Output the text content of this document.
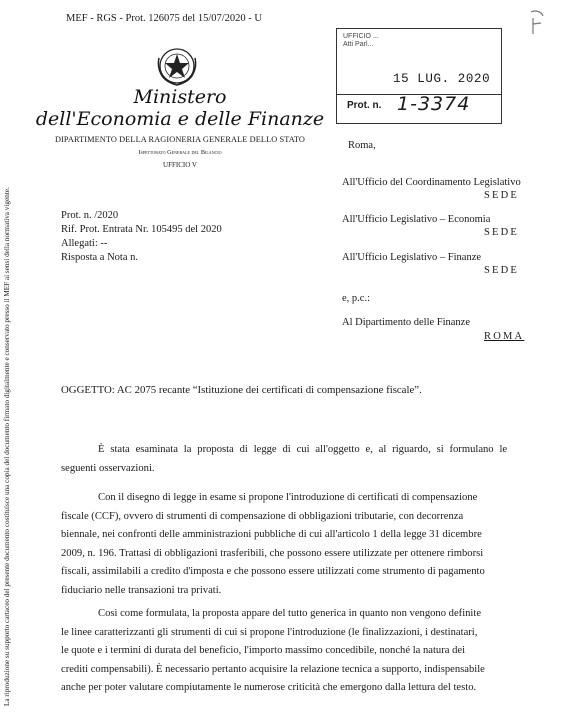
La riproduzione su supporto cartaceo del presente documento costituisce una copia del documento firmato digitalmente e conservato presso il MEF ai sensi della normativa vigente.
MEF - RGS - Prot. 126075 del 15/07/2020 - U
Ministero
dell'Economia e delle Finanze
DIPARTIMENTO DELLA RAGIONERIA GENERALE DELLO STATO
Ispettorato Generale del Bilancio
UFFICIO V
UFFICIO ...
Atti Parl...
15 LUG. 2020
Prot. n. 1-3374
Roma,
Prot. n. /2020
Rif. Prot. Entrata Nr. 105495 del 2020
Allegati: --
Risposta a Nota n.
All'Ufficio del Coordinamento Legislativo
SEDE
All'Ufficio Legislativo – Economia
SEDE
All'Ufficio Legislativo – Finanze
SEDE
e, p.c.:
Al Dipartimento delle Finanze
ROMA
OGGETTO: AC 2075 recante “Istituzione dei certificati di compensazione fiscale”.
È stata esaminata la proposta di legge di cui all'oggetto e, al riguardo, si formulano le
seguenti osservazioni.
Con il disegno di legge in esame si propone l'introduzione di certificati di compensazione
fiscale (CCF), ovvero di strumenti di compensazione di obbligazioni tributarie, con decorrenza
biennale, nei confronti delle amministrazioni pubbliche di cui all'articolo 1 della legge 31 dicembre
2009, n. 196. Trattasi di obbligazioni trasferibili, che possono essere utilizzate per ottenere rimborsi
fiscali, assimilabili a credito d'imposta e che possono essere utilizzati come strumento di pagamento
fiduciario nelle transazioni tra privati.
Così come formulata, la proposta appare del tutto generica in quanto non vengono definite
le linee caratterizzanti gli strumenti di cui si propone l'introduzione (le finalizzazioni, i destinatari,
le quote e i termini di durata del beneficio, l'importo massimo concedibile, nonché la natura dei
crediti compensabili). È necessario pertanto acquisire la relazione tecnica a supporto, indispensabile
anche per poter valutare compiutamente le numerose criticità che emergono dalla lettura del testo.
